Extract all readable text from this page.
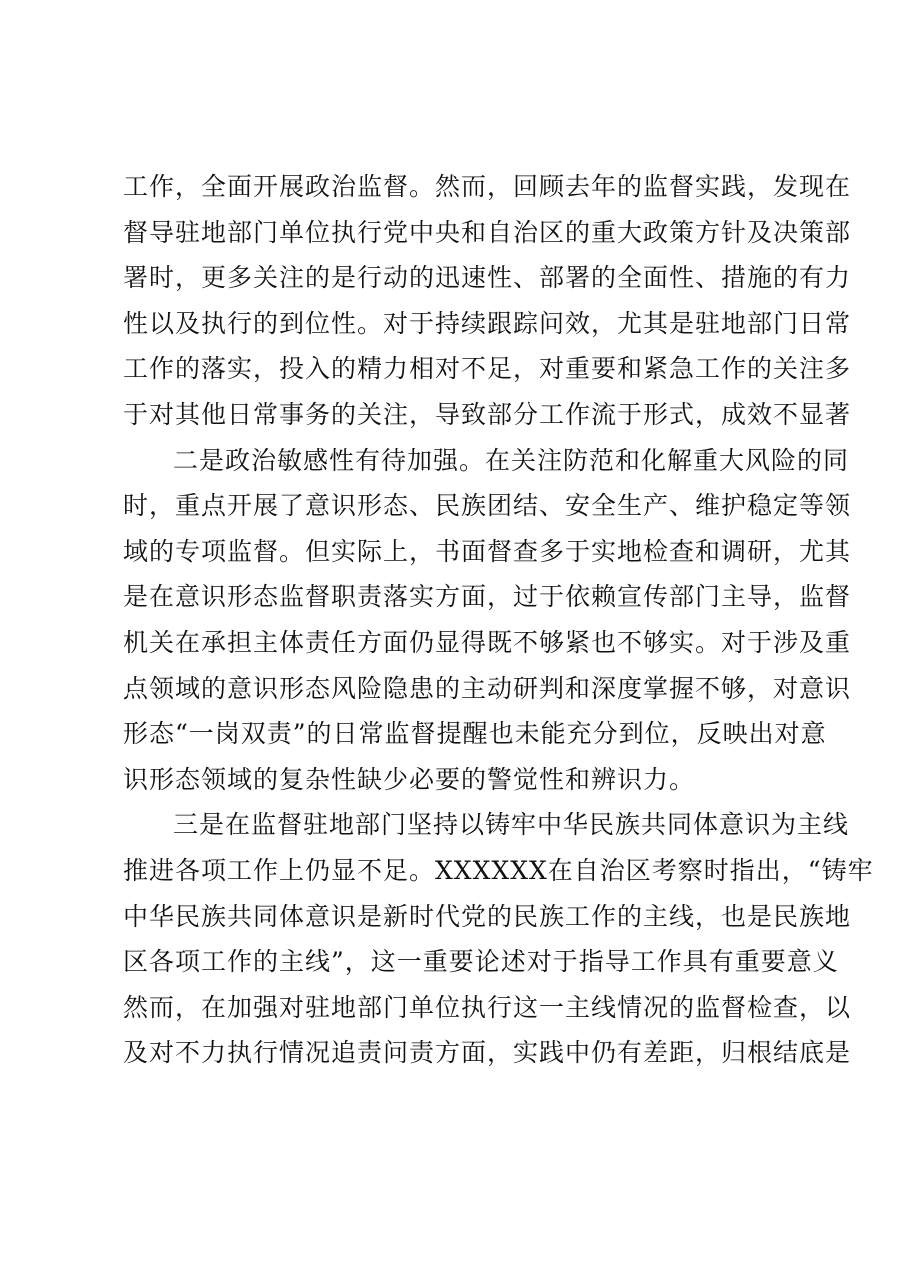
工作，全面开展政治监督。然而，回顾去年的监督实践，发现在
督导驻地部门单位执行党中央和自治区的重大政策方针及决策部
署时，更多关注的是行动的迅速性、部署的全面性、措施的有力
性以及执行的到位性。对于持续跟踪问效，尤其是驻地部门日常
工作的落实，投入的精力相对不足，对重要和紧急工作的关注多
于对其他日常事务的关注，导致部分工作流于形式，成效不显著
二是政治敏感性有待加强。在关注防范和化解重大风险的同
时，重点开展了意识形态、民族团结、安全生产、维护稳定等领
域的专项监督。但实际上，书面督查多于实地检查和调研，尤其
是在意识形态监督职责落实方面，过于依赖宣传部门主导，监督
机关在承担主体责任方面仍显得既不够紧也不够实。对于涉及重
点领域的意识形态风险隐患的主动研判和深度掌握不够，对意识
形态“一岗双责”的日常监督提醒也未能充分到位，反映出对意
识形态领域的复杂性缺少必要的警觉性和辨识力。
三是在监督驻地部门坚持以铸牢中华民族共同体意识为主线
推进各项工作上仍显不足。XXXXXX在自治区考察时指出，“铸牢
中华民族共同体意识是新时代党的民族工作的主线，也是民族地
区各项工作的主线”，这一重要论述对于指导工作具有重要意义
然而，在加强对驻地部门单位执行这一主线情况的监督检查，以
及对不力执行情况追责问责方面，实践中仍有差距，归根结底是
